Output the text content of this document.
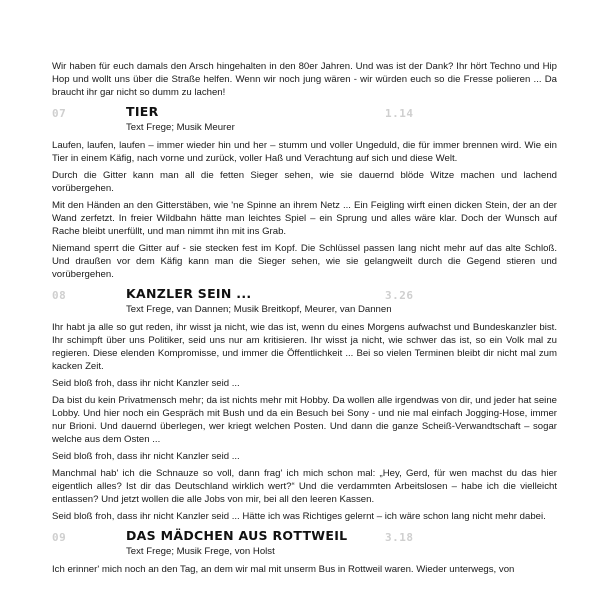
Wir haben für euch damals den Arsch hingehalten in den 80er Jahren. Und was ist der Dank? Ihr hört Techno und Hip Hop und wollt uns über die Straße helfen. Wenn wir noch jung wären - wir würden euch so die Fresse polieren ... Da braucht ihr gar nicht so dumm zu lachen!

07	TIER	1.14
Text Frege; Musik Meurer

Laufen, laufen, laufen – immer wieder hin und her – stumm und voller Ungeduld, die für immer brennen wird. Wie ein Tier in einem Käfig, nach vorne und zurück, voller Haß und Verachtung auf sich und diese Welt.

Durch die Gitter kann man all die fetten Sieger sehen, wie sie dauernd blöde Witze machen und lachend vorübergehen.

Mit den Händen an den Gitterstäben, wie 'ne Spinne an ihrem Netz ... Ein Feigling wirft einen dicken Stein, der an der Wand zerfetzt. In freier Wildbahn hätte man leichtes Spiel – ein Sprung und alles wäre klar. Doch der Wunsch auf Rache bleibt unerfüllt, und man nimmt ihn mit ins Grab.

Niemand sperrt die Gitter auf - sie stecken fest im Kopf. Die Schlüssel passen lang nicht mehr auf das alte Schloß. Und draußen vor dem Käfig kann man die Sieger sehen, wie sie gelangweilt durch die Gegend stieren und vorübergehen.

08	KANZLER SEIN ...	3.26
Text Frege, van Dannen; Musik Breitkopf, Meurer, van Dannen

Ihr habt ja alle so gut reden, ihr wisst ja nicht, wie das ist, wenn du eines Morgens aufwachst und Bundeskanzler bist. Ihr schimpft über uns Politiker, seid uns nur am kritisieren. Ihr wisst ja nicht, wie schwer das ist, so ein Volk mal zu regieren. Diese elenden Kompromisse, und immer die Öffentlichkeit ... Bei so vielen Terminen bleibt dir nicht mal zum kacken Zeit.

Seid bloß froh, dass ihr nicht Kanzler seid ...

Da bist du kein Privatmensch mehr; da ist nichts mehr mit Hobby. Da wollen alle irgendwas von dir, und jeder hat seine Lobby. Und hier noch ein Gespräch mit Bush und da ein Besuch bei Sony - und nie mal einfach Jogging-Hose, immer nur Brioni. Und dauernd überlegen, wer kriegt welchen Posten. Und dann die ganze Scheiß-Verwandtschaft – sogar welche aus dem Osten ...

Seid bloß froh, dass ihr nicht Kanzler seid ...

Manchmal hab' ich die Schnauze so voll, dann frag' ich mich schon mal: „Hey, Gerd, für wen machst du das hier eigentlich alles? Ist dir das Deutschland wirklich wert?“ Und die verdammten Arbeitslosen – habe ich die vielleicht entlassen? Und jetzt wollen die alle Jobs von mir, bei all den leeren Kassen.

Seid bloß froh, dass ihr nicht Kanzler seid ... Hätte ich was Richtiges gelernt – ich wäre schon lang nicht mehr dabei.

09	DAS MÄDCHEN AUS ROTTWEIL	3.18
Text Frege; Musik Frege, von Holst

Ich erinner' mich noch an den Tag, an dem wir mal mit unserm Bus in Rottweil waren. Wieder unterwegs, von
